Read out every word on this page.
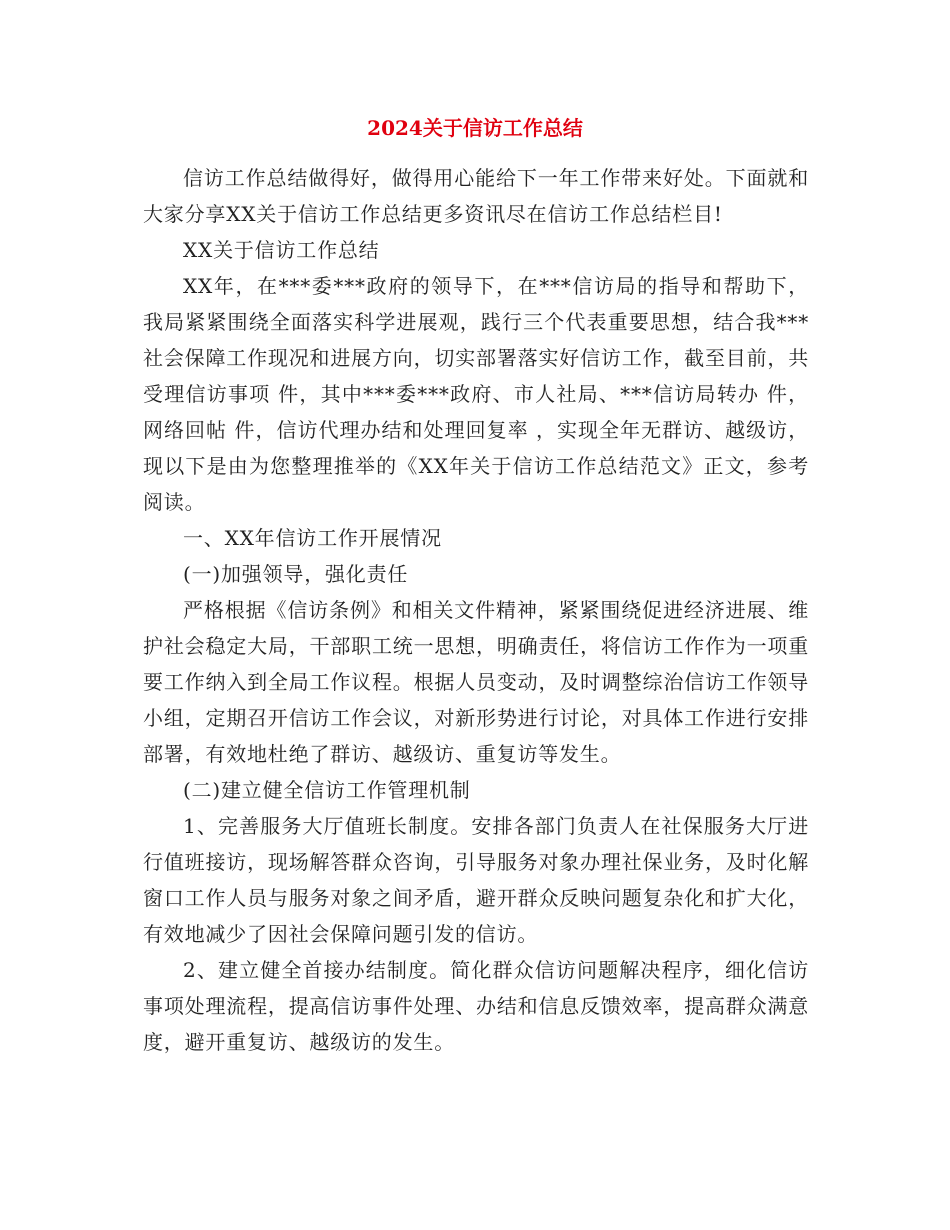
2024关于信访工作总结

信访工作总结做得好，做得用心能给下一年工作带来好处。下面就和大家分享XX关于信访工作总结更多资讯尽在信访工作总结栏目!

XX关于信访工作总结

XX年，在***委***政府的领导下，在***信访局的指导和帮助下，我局紧紧围绕全面落实科学进展观，践行三个代表重要思想，结合我***社会保障工作现况和进展方向，切实部署落实好信访工作，截至目前，共受理信访事项 件，其中***委***政府、市人社局、***信访局转办 件，网络回帖 件，信访代理办结和处理回复率 ，实现全年无群访、越级访，现以下是由为您整理推举的《XX年关于信访工作总结范文》正文，参考阅读。

一、XX年信访工作开展情况

(一)加强领导，强化责任

严格根据《信访条例》和相关文件精神，紧紧围绕促进经济进展、维护社会稳定大局，干部职工统一思想，明确责任，将信访工作作为一项重要工作纳入到全局工作议程。根据人员变动，及时调整综治信访工作领导小组，定期召开信访工作会议，对新形势进行讨论，对具体工作进行安排部署，有效地杜绝了群访、越级访、重复访等发生。

(二)建立健全信访工作管理机制

1、完善服务大厅值班长制度。安排各部门负责人在社保服务大厅进行值班接访，现场解答群众咨询，引导服务对象办理社保业务，及时化解窗口工作人员与服务对象之间矛盾，避开群众反映问题复杂化和扩大化，有效地减少了因社会保障问题引发的信访。

2、建立健全首接办结制度。简化群众信访问题解决程序，细化信访事项处理流程，提高信访事件处理、办结和信息反馈效率，提高群众满意度，避开重复访、越级访的发生。
